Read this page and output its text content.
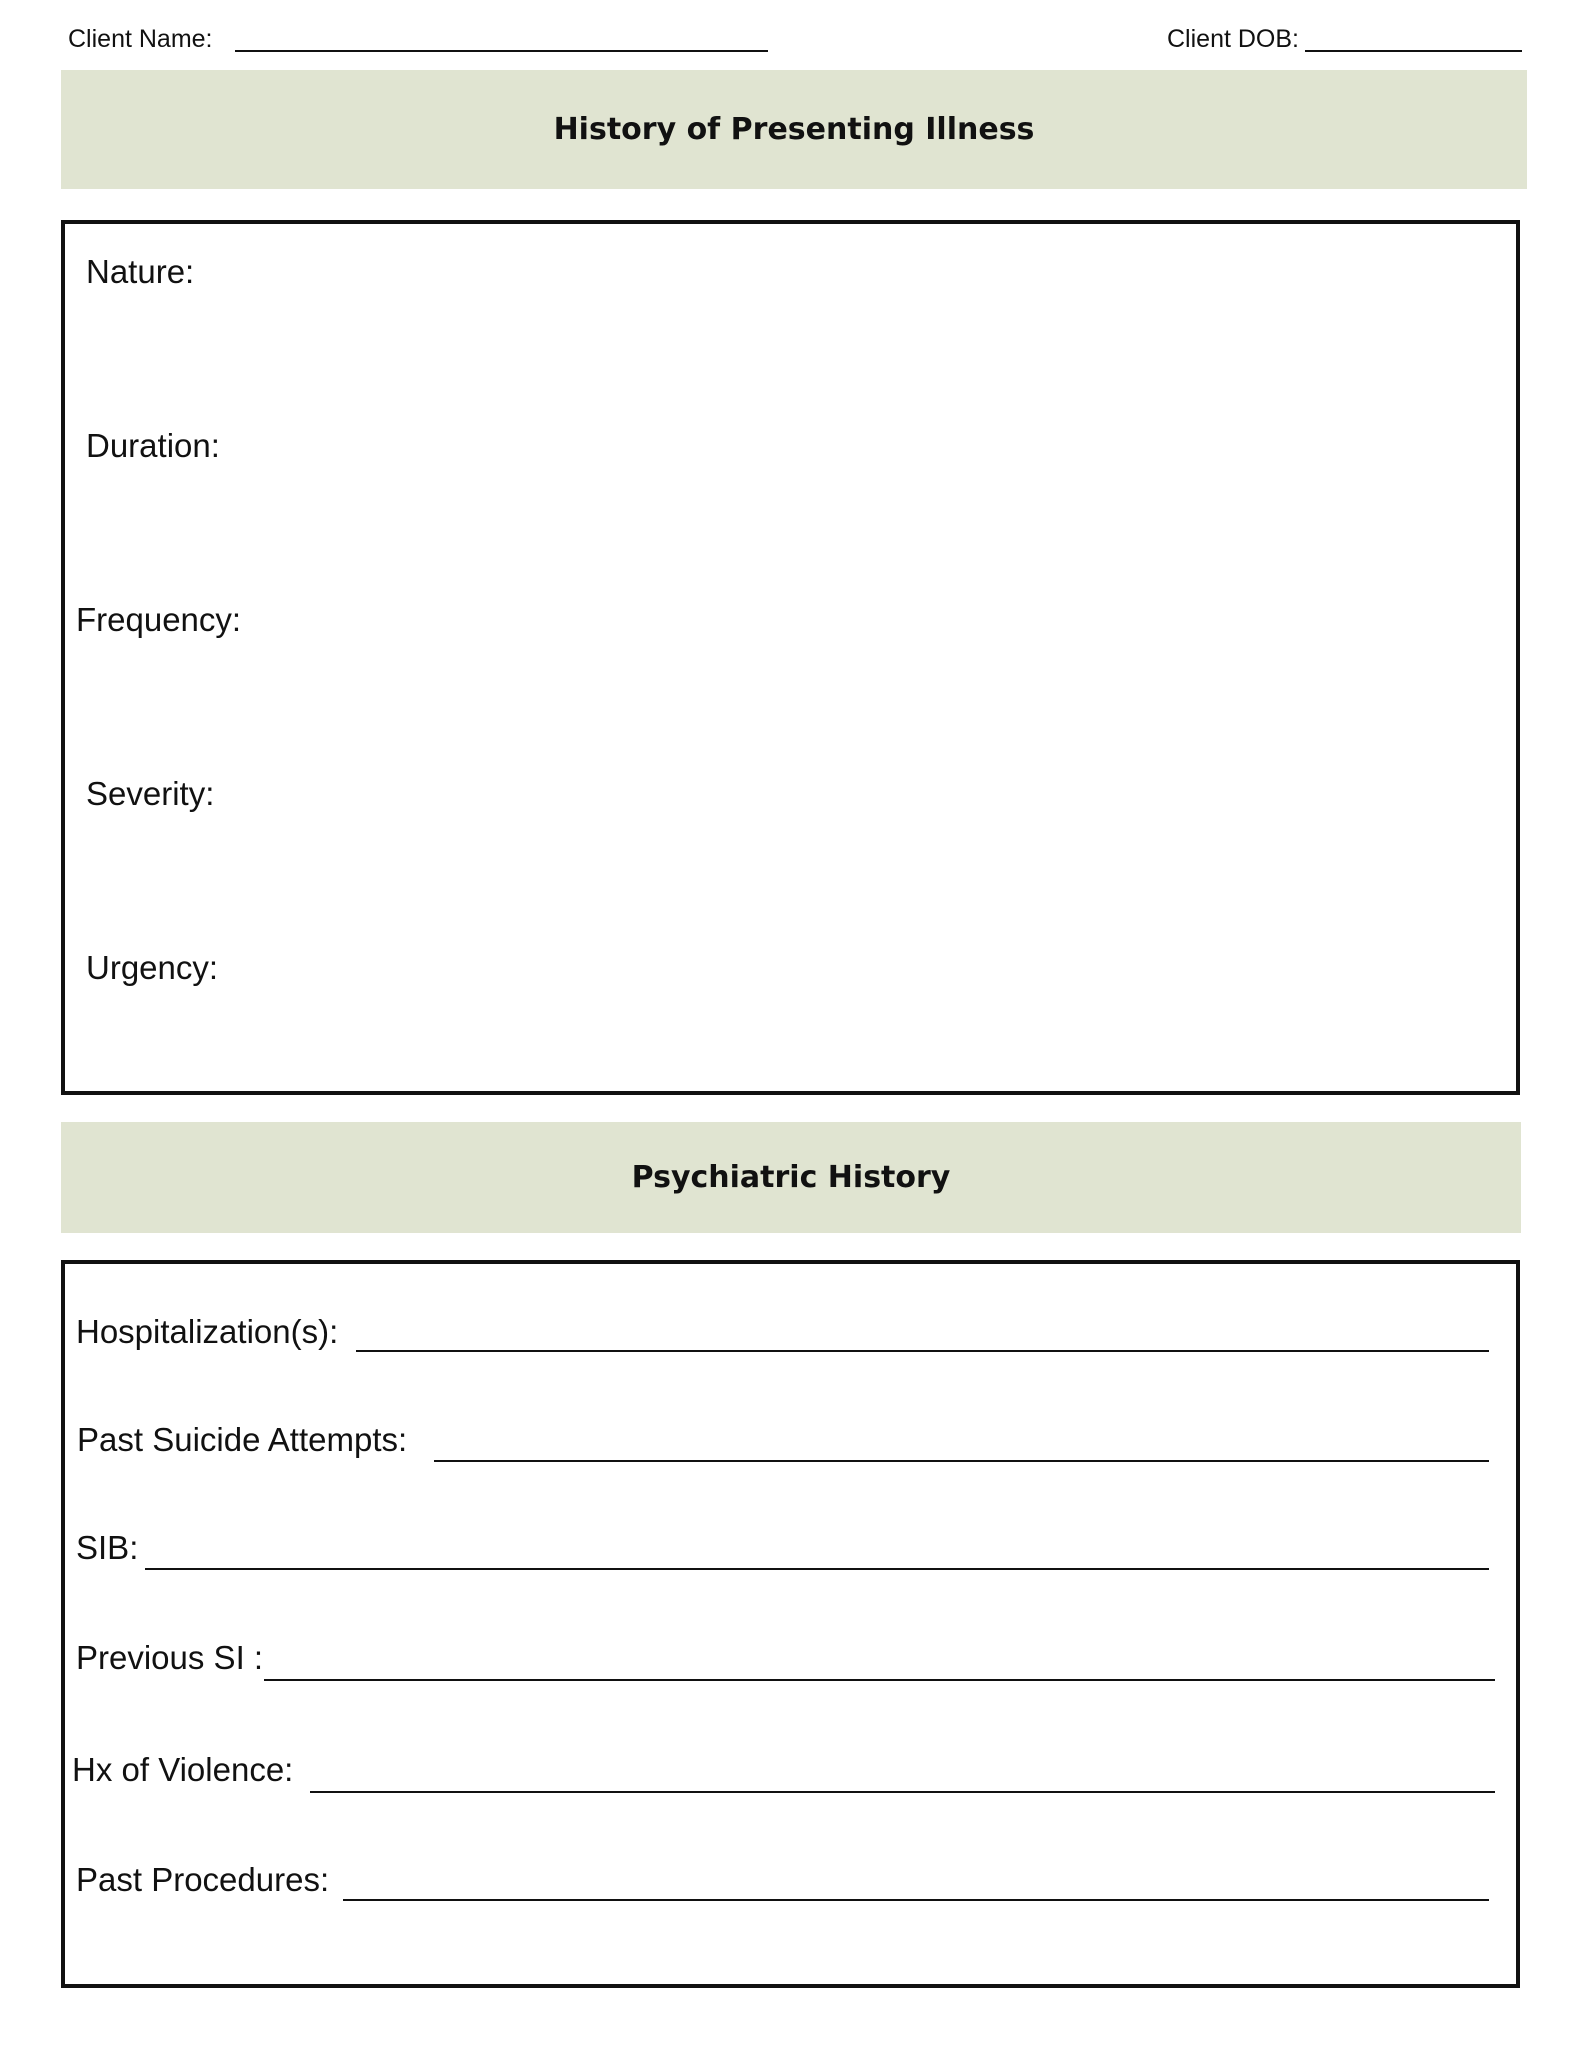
Client Name:	Client DOB:
History of Presenting Illness
Nature:
Duration:
Frequency:
Severity:
Urgency:
Psychiatric History
Hospitalization(s):
Past Suicide Attempts:
SIB:
Previous SI :
Hx of Violence:
Past Procedures:
